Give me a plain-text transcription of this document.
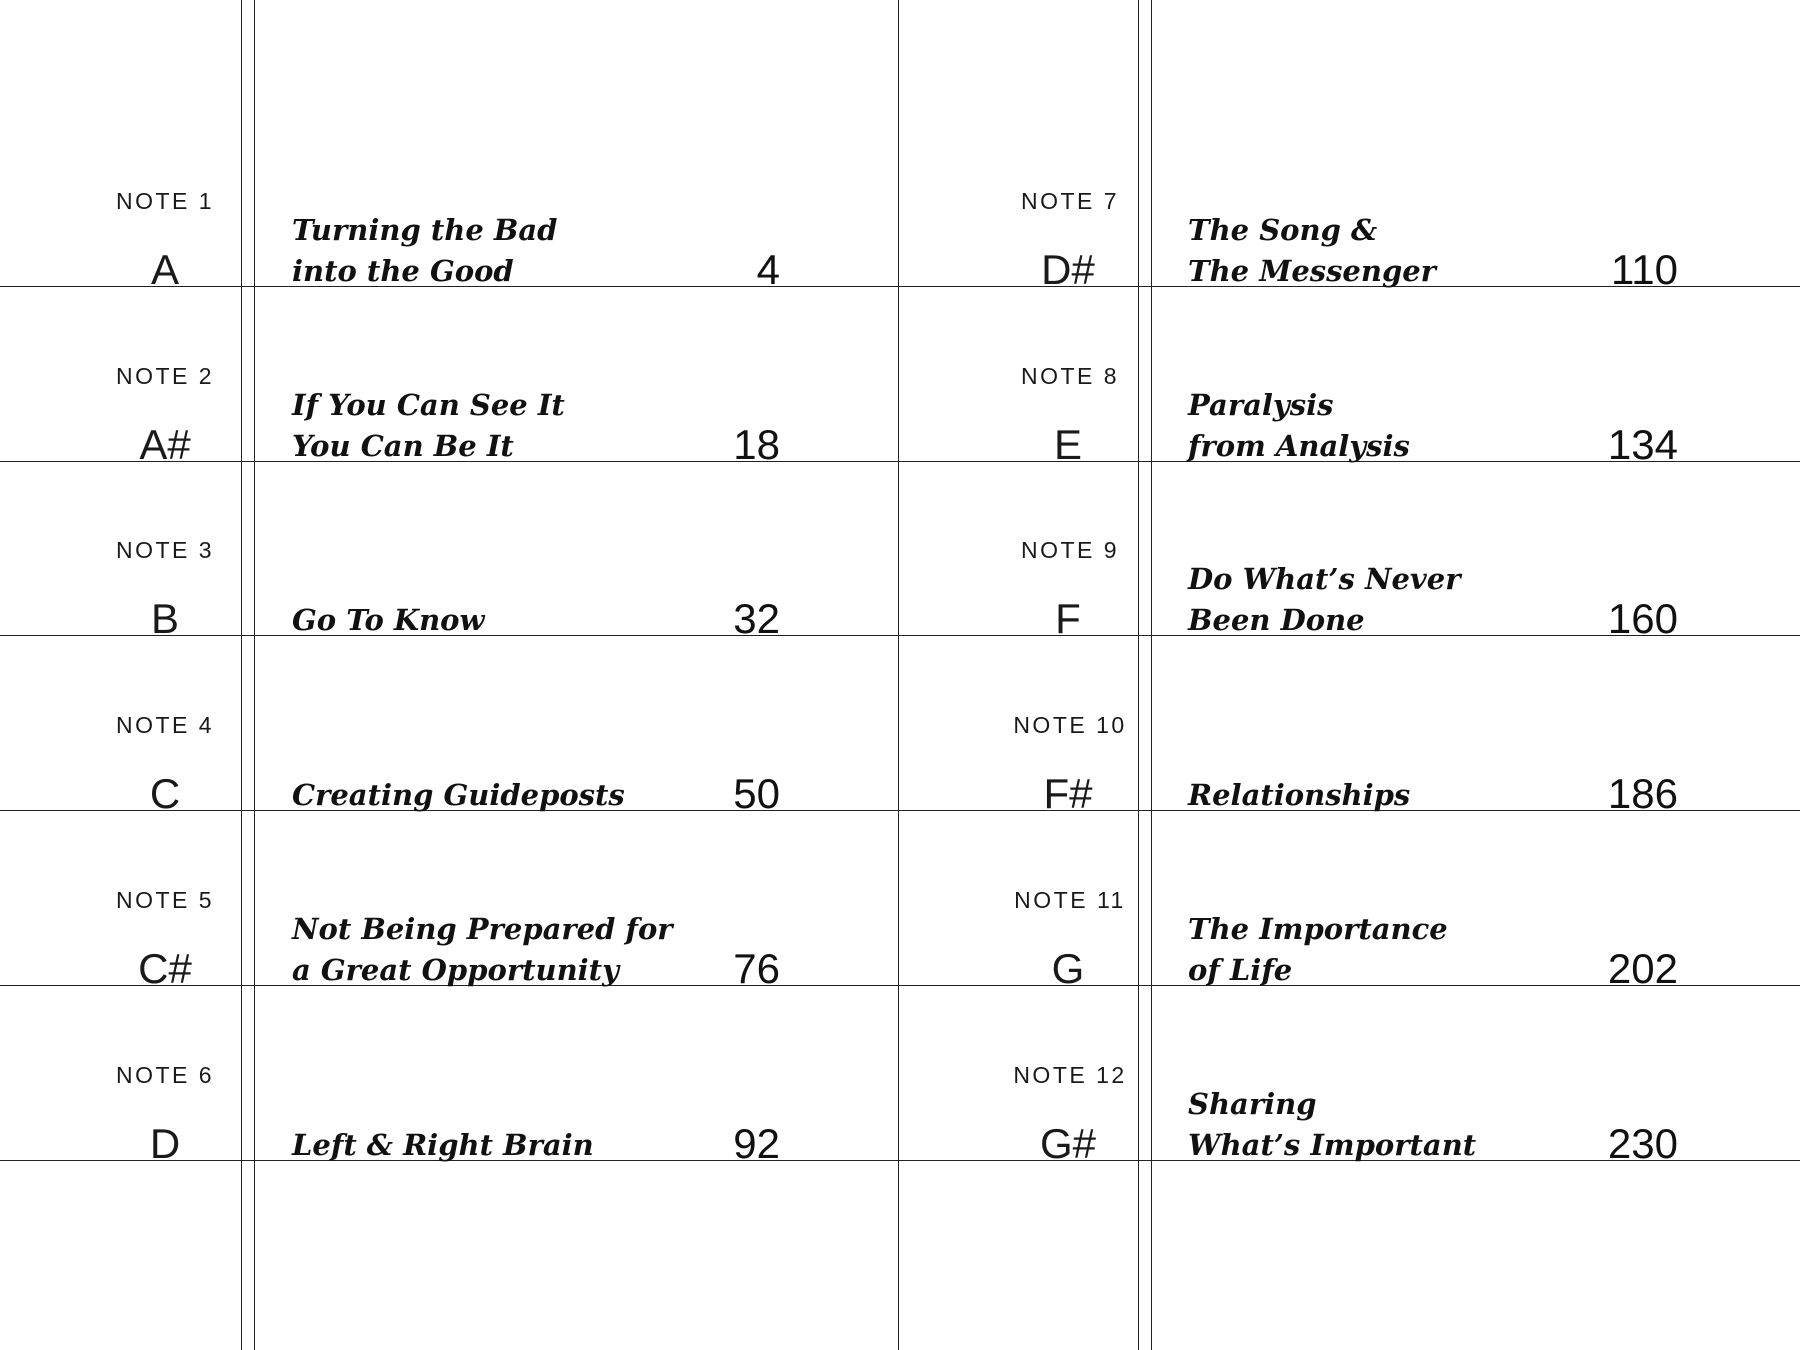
NOTE 1
A
Turning the Bad
into the Good	4
NOTE 2
A#
If You Can See It
You Can Be It	18
NOTE 3
B	Go To Know	32
NOTE 4
C	Creating Guideposts	50
NOTE 5
C#
Not Being Prepared for
a Great Opportunity	76
NOTE 6
D	Left & Right Brain	92
NOTE 7
D#
The Song &
The Messenger	110
NOTE 8
E
Paralysis
from Analysis	134
NOTE 9
F
Do What’s Never
Been Done	160
NOTE 10
F#	Relationships	186
NOTE 11
G
The Importance
of Life	202
NOTE 12
G#
Sharing
What’s Important	230
